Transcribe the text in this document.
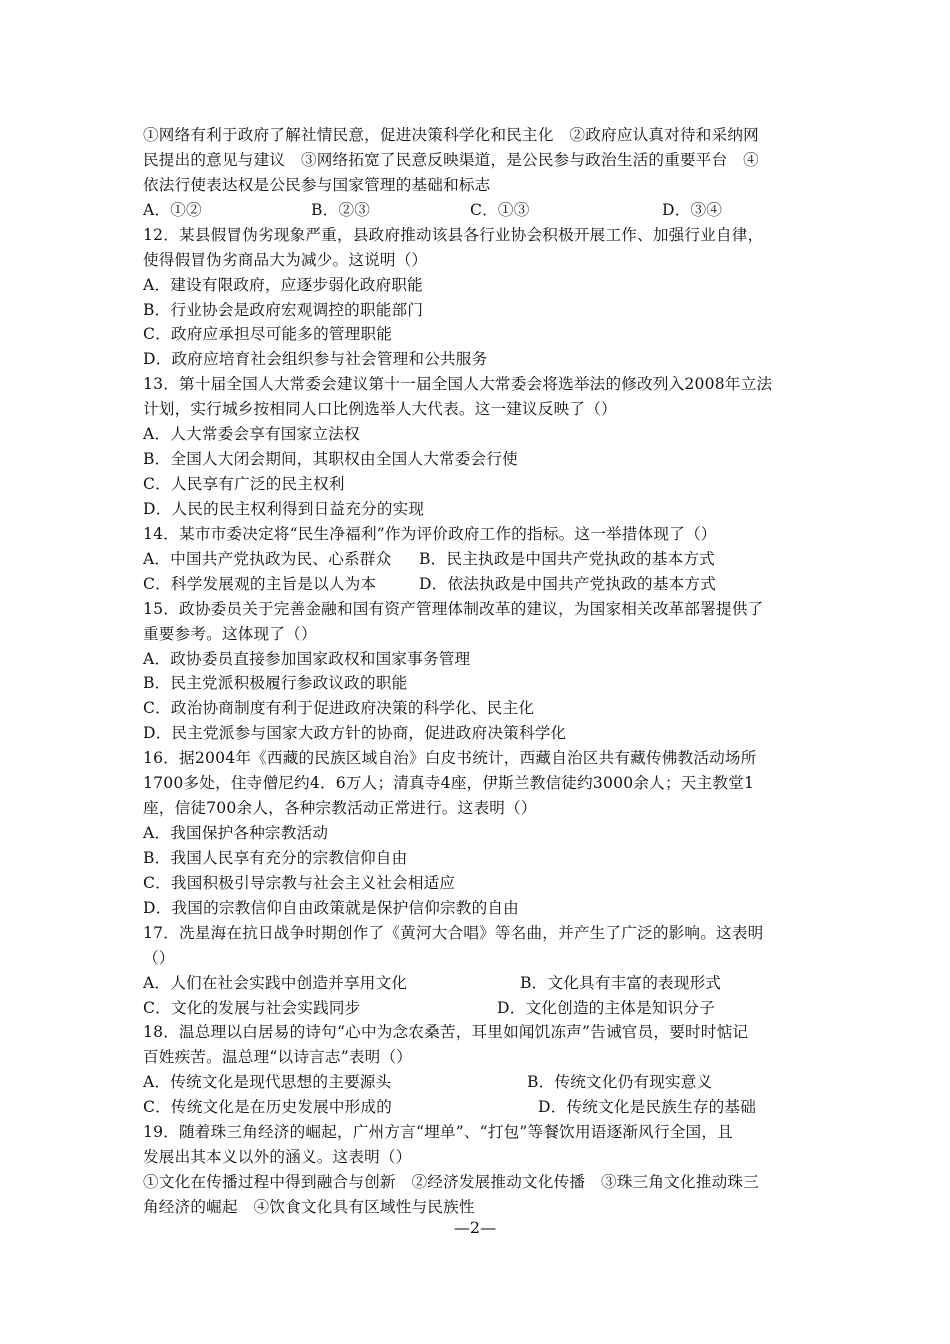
①网络有利于政府了解社情民意，促进决策科学化和民主化　②政府应认真对待和采纳网
民提出的意见与建议　③网络拓宽了民意反映渠道，是公民参与政治生活的重要平台　④
依法行使表达权是公民参与国家管理的基础和标志
A．①②	B．②③	C．①③	D．③④
12．某县假冒伪劣现象严重，县政府推动该县各行业协会积极开展工作、加强行业自律，
使得假冒伪劣商品大为减少。这说明（）
A．建设有限政府，应逐步弱化政府职能
B．行业协会是政府宏观调控的职能部门
C．政府应承担尽可能多的管理职能
D．政府应培育社会组织参与社会管理和公共服务
13．第十届全国人大常委会建议第十一届全国人大常委会将选举法的修改列入2008年立法
计划，实行城乡按相同人口比例选举人大代表。这一建议反映了（）
A．人大常委会享有国家立法权
B．全国人大闭会期间，其职权由全国人大常委会行使
C．人民享有广泛的民主权利
D．人民的民主权利得到日益充分的实现
14．某市市委决定将“民生净福利”作为评价政府工作的指标。这一举措体现了（）
A．中国共产党执政为民、心系群众 B．民主执政是中国共产党执政的基本方式
C．科学发展观的主旨是以人为本	D．依法执政是中国共产党执政的基本方式
15．政协委员关于完善金融和国有资产管理体制改革的建议，为国家相关改革部署提供了
重要参考。这体现了（）
A．政协委员直接参加国家政权和国家事务管理
B．民主党派积极履行参政议政的职能
C．政治协商制度有利于促进政府决策的科学化、民主化
D．民主党派参与国家大政方针的协商，促进政府决策科学化
16．据2004年《西藏的民族区域自治》白皮书统计，西藏自治区共有藏传佛教活动场所
1700多处，住寺僧尼约4．6万人；清真寺4座，伊斯兰教信徒约3000余人；天主教堂1
座，信徒700余人，各种宗教活动正常进行。这表明（）
A．我国保护各种宗教活动
B．我国人民享有充分的宗教信仰自由
C．我国积极引导宗教与社会主义社会相适应
D．我国的宗教信仰自由政策就是保护信仰宗教的自由
17．冼星海在抗日战争时期创作了《黄河大合唱》等名曲，并产生了广泛的影响。这表明
（）
A．人们在社会实践中创造并享用文化	B．文化具有丰富的表现形式
C．文化的发展与社会实践同步	D．文化创造的主体是知识分子
18．温总理以白居易的诗句“心中为念农桑苦，耳里如闻饥冻声”告诫官员，要时时惦记
百姓疾苦。温总理“以诗言志”表明（）
A．传统文化是现代思想的主要源头	B．传统文化仍有现实意义
C．传统文化是在历史发展中形成的	D．传统文化是民族生存的基础
19．随着珠三角经济的崛起，广州方言“埋单”、“打包”等餐饮用语逐渐风行全国，且
发展出其本义以外的涵义。这表明（）
①文化在传播过程中得到融合与创新　②经济发展推动文化传播　③珠三角文化推动珠三
角经济的崛起　④饮食文化具有区域性与民族性
—2—
